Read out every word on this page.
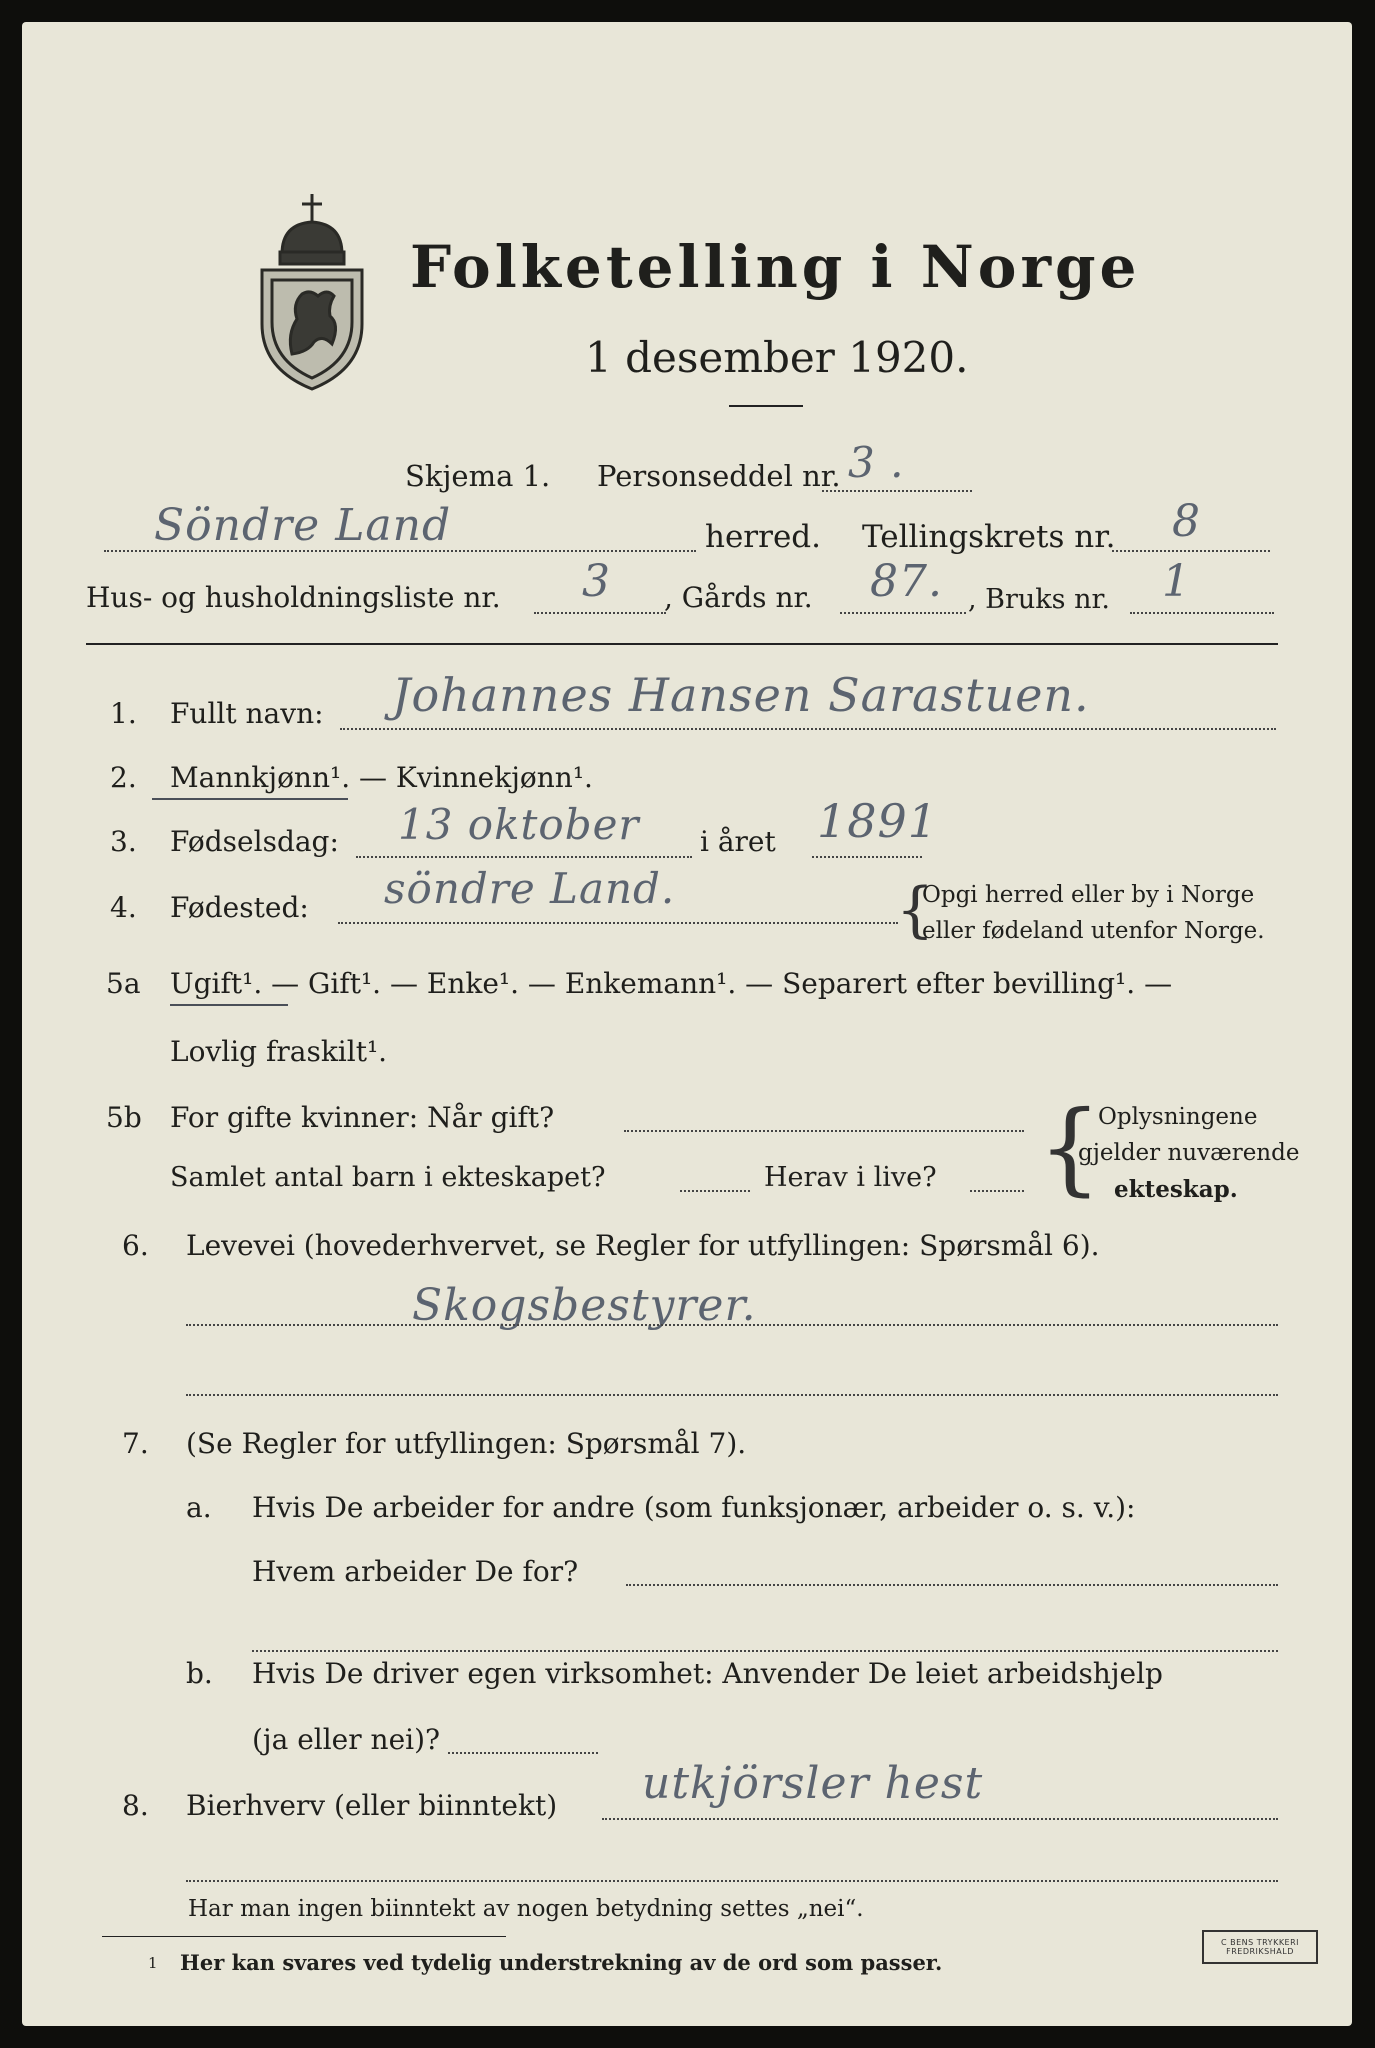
Folketelling i Norge
1 desember 1920.
Skjema 1. Personseddel nr. 3 .
Söndre Land	herred. Tellingskrets nr. 8
Hus- og husholdningsliste nr. 3 , Gårds nr. 87. , Bruks nr. 1
1. Fullt navn: Johannes Hansen Sarastuen.
2. Mannkjønn¹. — Kvinnekjønn¹.
3. Fødselsdag: 13 oktober i året 1891
4. Fødested: söndre Land.	{
Opgi herred eller by i Norge
eller fødeland utenfor Norge.
5a Ugift¹. — Gift¹. — Enke¹. — Enkemann¹. — Separert efter bevilling¹. —
Lovlig fraskilt¹.
5b For gifte kvinner: Når gift?
Samlet antal barn i ekteskapet?	Herav i live? {
Oplysningene
gjelder nuværende
ekteskap.
6. Levevei (hovederhvervet, se Regler for utfyllingen: Spørsmål 6).
Skogsbestyrer.
7. (Se Regler for utfyllingen: Spørsmål 7).
a. Hvis De arbeider for andre (som funksjonær, arbeider o. s. v.):
Hvem arbeider De for?
b. Hvis De driver egen virksomhet: Anvender De leiet arbeidshjelp
(ja eller nei)?
8. Bierhverv (eller biinntekt) utkjörsler hest
Har man ingen biinntekt av nogen betydning settes „nei“.
1 Her kan svares ved tydelig understrekning av de ord som passer.
C BENS TRYKKERI FREDRIKSHALD
